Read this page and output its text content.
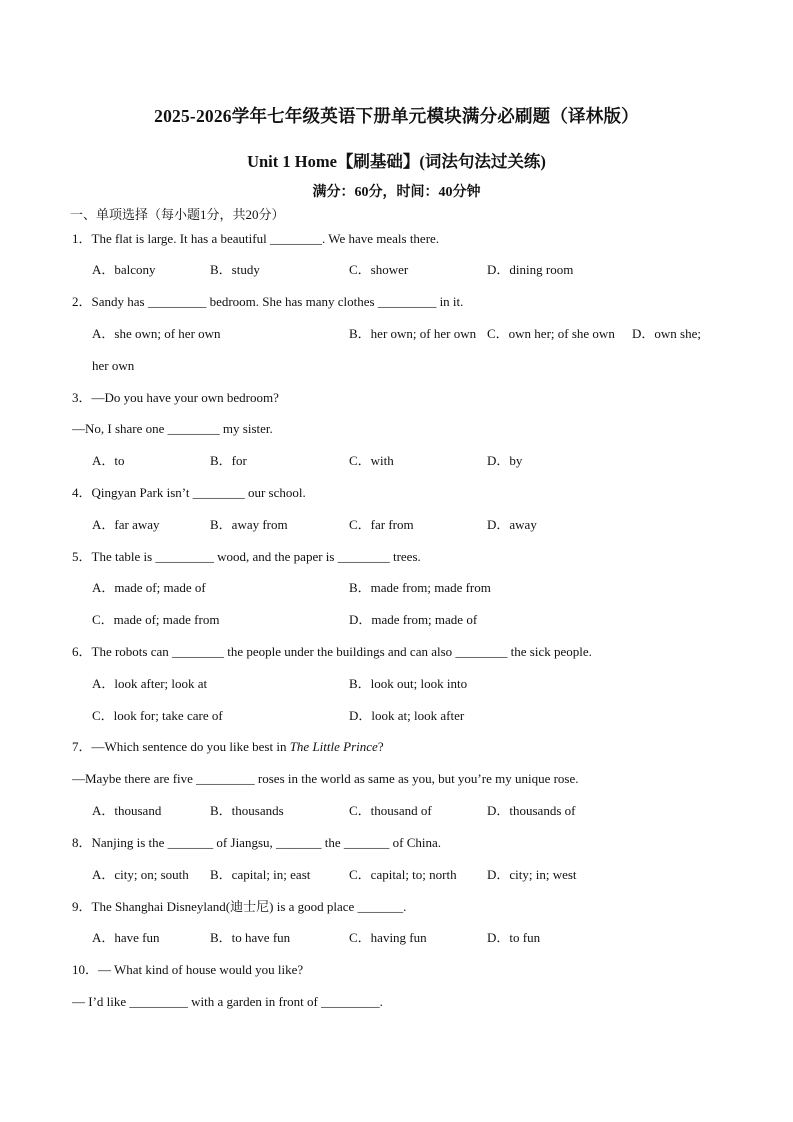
2025-2026学年七年级英语下册单元模块满分必刷题（译林版）
Unit 1 Home【刷基础】(词法句法过关练)
满分：60分，时间：40分钟
一、单项选择（每小题1分，共20分）
1．The flat is large. It has a beautiful ________. We have meals there.
A．balcony	B．study	C．shower	D．dining room
2．Sandy has _________ bedroom. She has many clothes _________ in it.
A．she own; of her own	B．her own; of her own C．own her; of she own D．own she;
her own
3．—Do you have your own bedroom?
—No, I share one ________ my sister.
A．to	B．for	C．with	D．by
4．Qingyan Park isn’t ________ our school.
A．far away	B．away from	C．far from	D．away
5．The table is _________ wood, and the paper is ________ trees.
A．made of; made of	B．made from; made from
C．made of; made from	D．made from; made of
6．The robots can ________ the people under the buildings and can also ________ the sick people.
A．look after; look at	B．look out; look into
C．look for; take care of	D．look at; look after
7．—Which sentence do you like best in The Little Prince?
—Maybe there are five _________ roses in the world as same as you, but you’re my unique rose.
A．thousand	B．thousands	C．thousand of	D．thousands of
8．Nanjing is the _______ of Jiangsu, _______ the _______ of China.
A．city; on; south B．capital; in; east	C．capital; to; north D．city; in; west
9．The Shanghai Disneyland(迪士尼) is a good place _______.
A．have fun	B．to have fun	C．having fun	D．to fun
10．— What kind of house would you like?
— I’d like _________ with a garden in front of _________.
